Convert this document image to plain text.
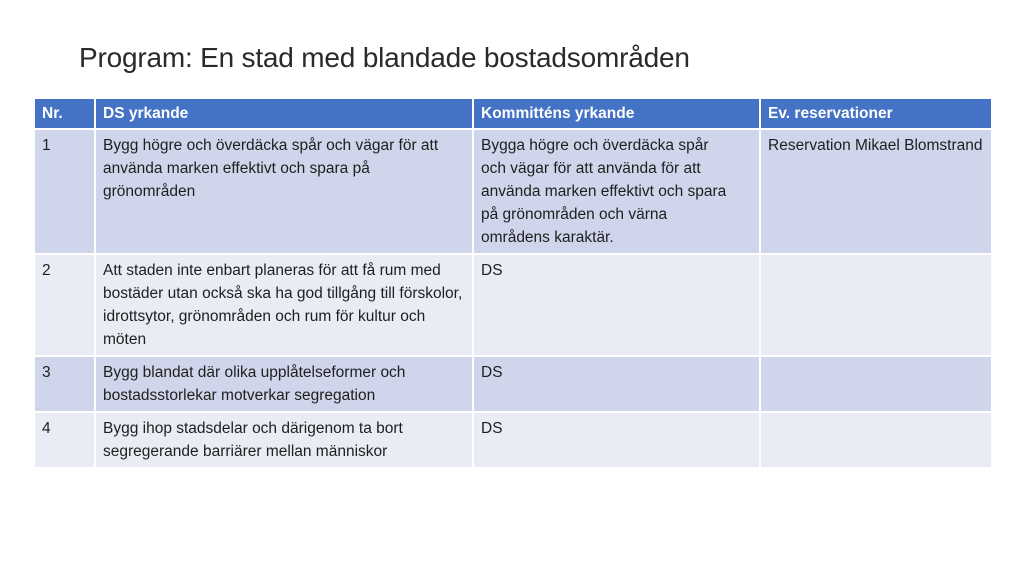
Program: En stad med blandade bostadsområden
Nr.	DS yrkande	Kommitténs yrkande	Ev. reservationer
1	Bygg högre och överdäcka spår och vägar för att använda marken effektivt och spara på grönområden	Bygga högre och överdäcka spår och vägar för att använda för att använda marken effektivt och spara på grönområden och värna områdens karaktär.	Reservation Mikael Blomstrand
2	Att staden inte enbart planeras för att få rum med bostäder utan också ska ha god tillgång till förskolor, idrottsytor, grönområden och rum för kultur och möten	DS	
3	Bygg blandat där olika upplåtelseformer och bostadsstorlekar motverkar segregation	DS	
4	Bygg ihop stadsdelar och därigenom ta bort segregerande barriärer mellan människor	DS	
